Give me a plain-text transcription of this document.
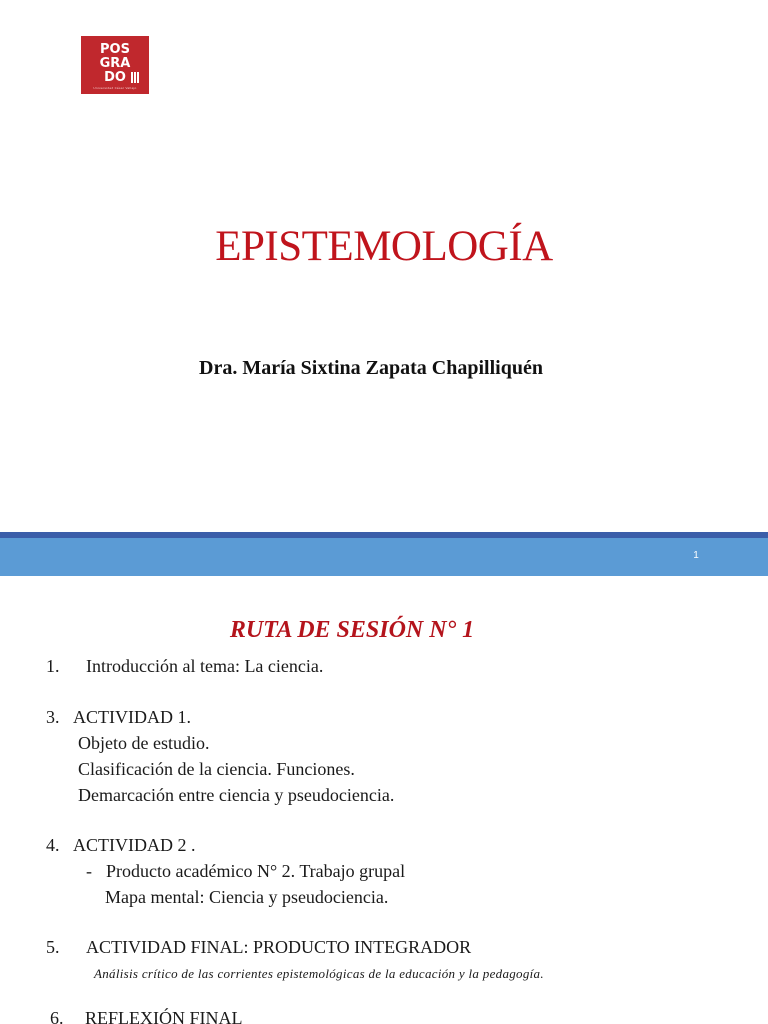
POS
GRA
DO
Universidad César Vallejo
EPISTEMOLOGÍA
Dra. María Sixtina Zapata Chapilliquén
1
RUTA DE SESIÓN N° 1
1. Introducción al tema: La ciencia.
3. ACTIVIDAD 1.
Objeto de estudio.
Clasificación de la ciencia. Funciones.
Demarcación entre ciencia y pseudociencia.
4. ACTIVIDAD 2 .
- Producto académico N° 2. Trabajo grupal
Mapa mental: Ciencia y pseudociencia.
5. ACTIVIDAD FINAL: PRODUCTO INTEGRADOR
Análisis crítico de las corrientes epistemológicas de la educación y la pedagogía.
6. REFLEXIÓN FINAL
